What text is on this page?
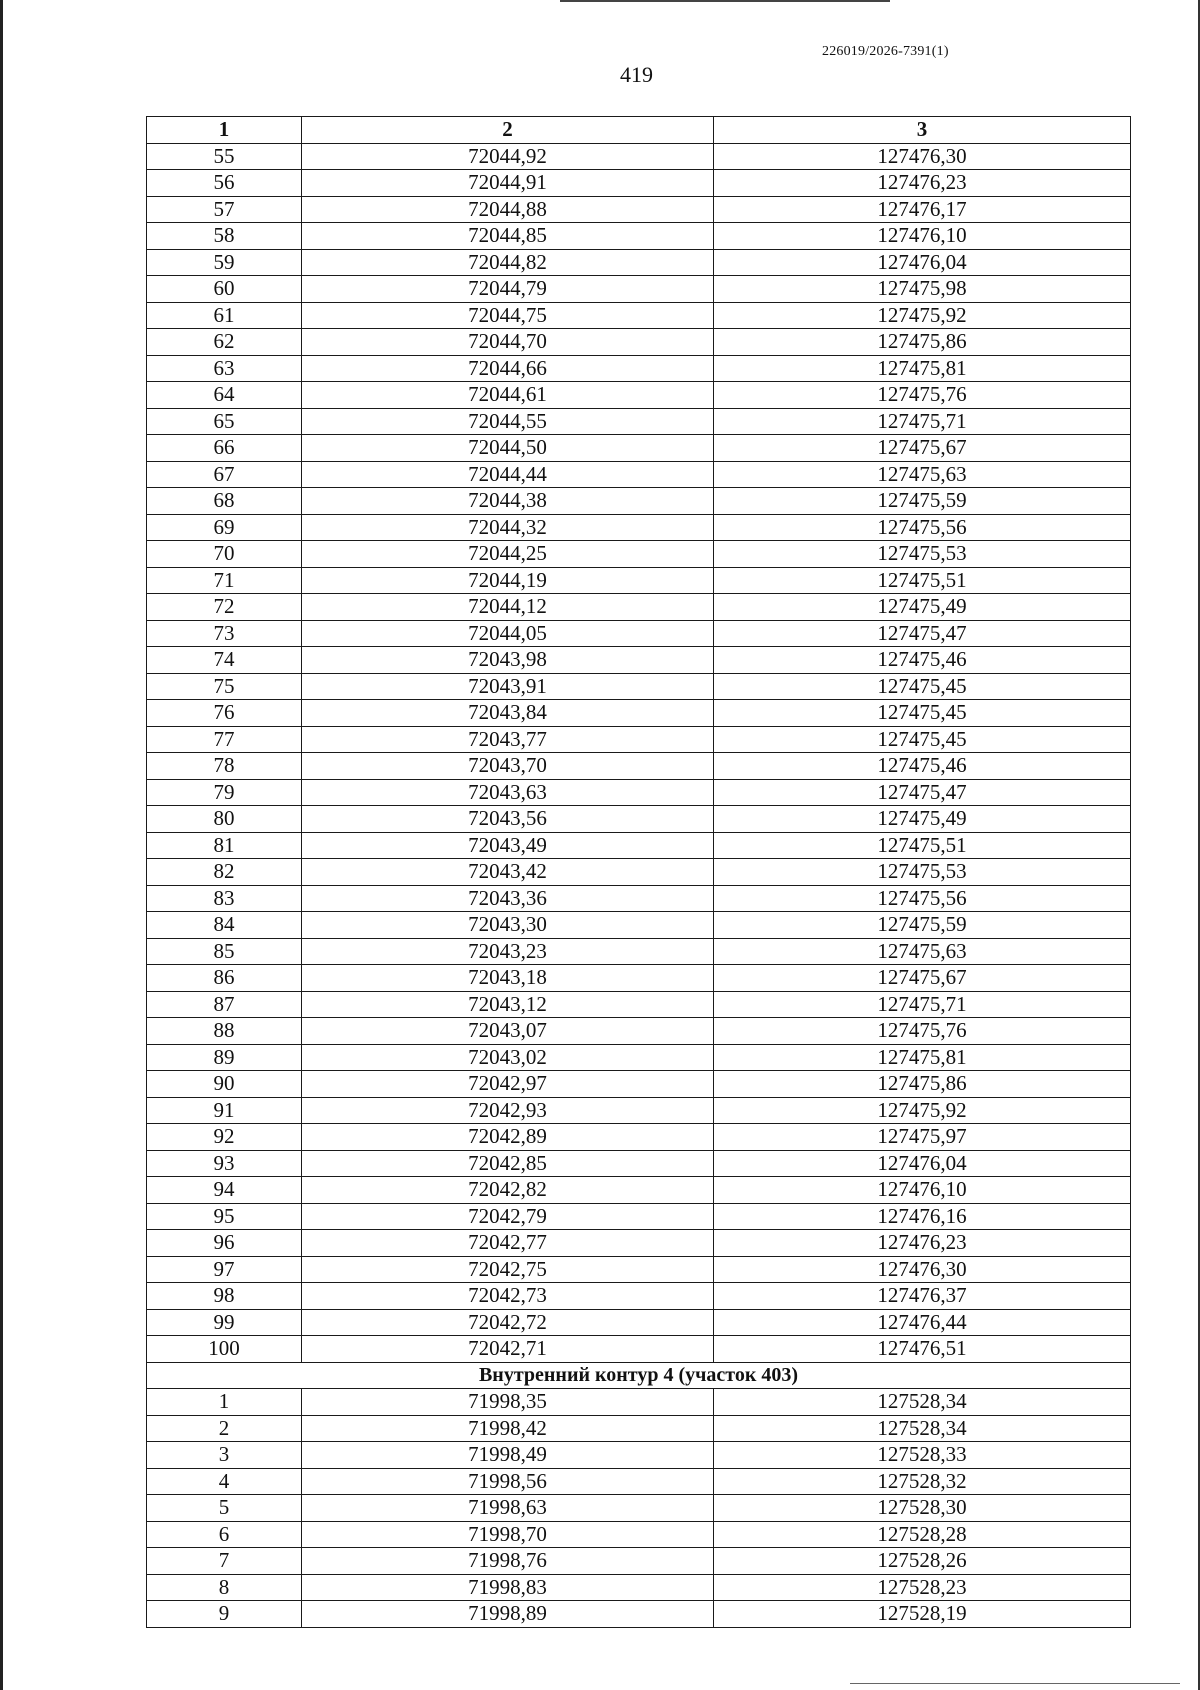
226019/2026-7391(1)
419
1	2	3
55	72044,92	127476,30
56	72044,91	127476,23
57	72044,88	127476,17
58	72044,85	127476,10
59	72044,82	127476,04
60	72044,79	127475,98
61	72044,75	127475,92
62	72044,70	127475,86
63	72044,66	127475,81
64	72044,61	127475,76
65	72044,55	127475,71
66	72044,50	127475,67
67	72044,44	127475,63
68	72044,38	127475,59
69	72044,32	127475,56
70	72044,25	127475,53
71	72044,19	127475,51
72	72044,12	127475,49
73	72044,05	127475,47
74	72043,98	127475,46
75	72043,91	127475,45
76	72043,84	127475,45
77	72043,77	127475,45
78	72043,70	127475,46
79	72043,63	127475,47
80	72043,56	127475,49
81	72043,49	127475,51
82	72043,42	127475,53
83	72043,36	127475,56
84	72043,30	127475,59
85	72043,23	127475,63
86	72043,18	127475,67
87	72043,12	127475,71
88	72043,07	127475,76
89	72043,02	127475,81
90	72042,97	127475,86
91	72042,93	127475,92
92	72042,89	127475,97
93	72042,85	127476,04
94	72042,82	127476,10
95	72042,79	127476,16
96	72042,77	127476,23
97	72042,75	127476,30
98	72042,73	127476,37
99	72042,72	127476,44
100	72042,71	127476,51
Внутренний контур 4 (участок 403)		
1	71998,35	127528,34
2	71998,42	127528,34
3	71998,49	127528,33
4	71998,56	127528,32
5	71998,63	127528,30
6	71998,70	127528,28
7	71998,76	127528,26
8	71998,83	127528,23
9	71998,89	127528,19
